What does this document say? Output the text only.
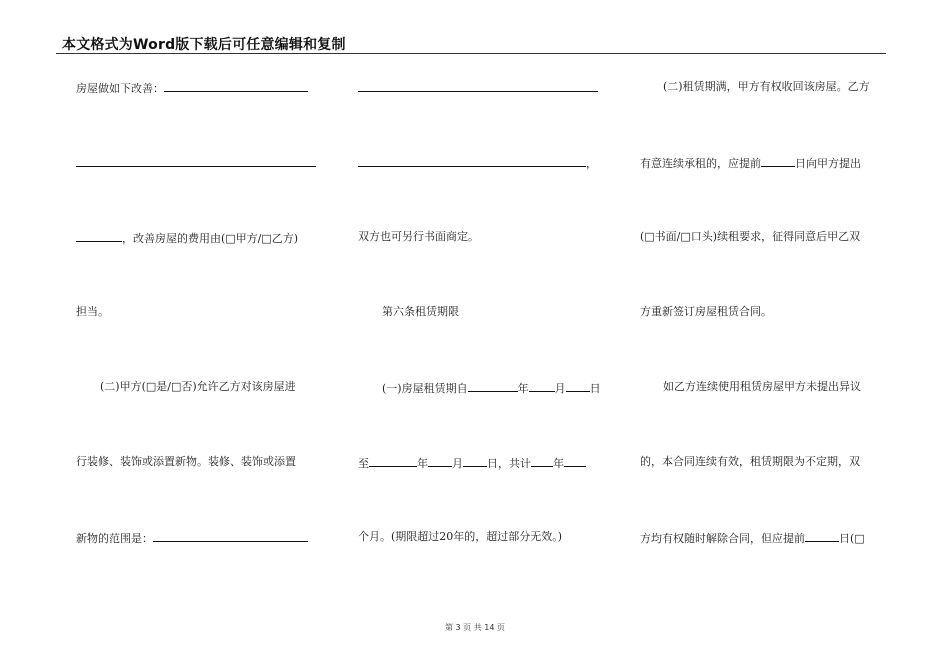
本文格式为Word版下载后可任意编辑和复制
房屋做如下改善：
，改善房屋的费用由(□甲方/□乙方)
担当。
(二)甲方(□是/□否)允许乙方对该房屋进
行装修、装饰或添置新物。装修、装饰或添置
新物的范围是：
，
双方也可另行书面商定。
第六条租赁期限
(一)房屋租赁期自	年 月 日
至	年 月 日，共计 年
个月。(期限超过20年的，超过部分无效。)
(二)租赁期满，甲方有权收回该房屋。乙方
有意连续承租的，应提前	日向甲方提出
(□书面/□口头)续租要求，征得同意后甲乙双
方重新签订房屋租赁合同。
如乙方连续使用租赁房屋甲方未提出异议
的，本合同连续有效，租赁期限为不定期，双
方均有权随时解除合同，但应提前	日(□
第 3 页 共 14 页
